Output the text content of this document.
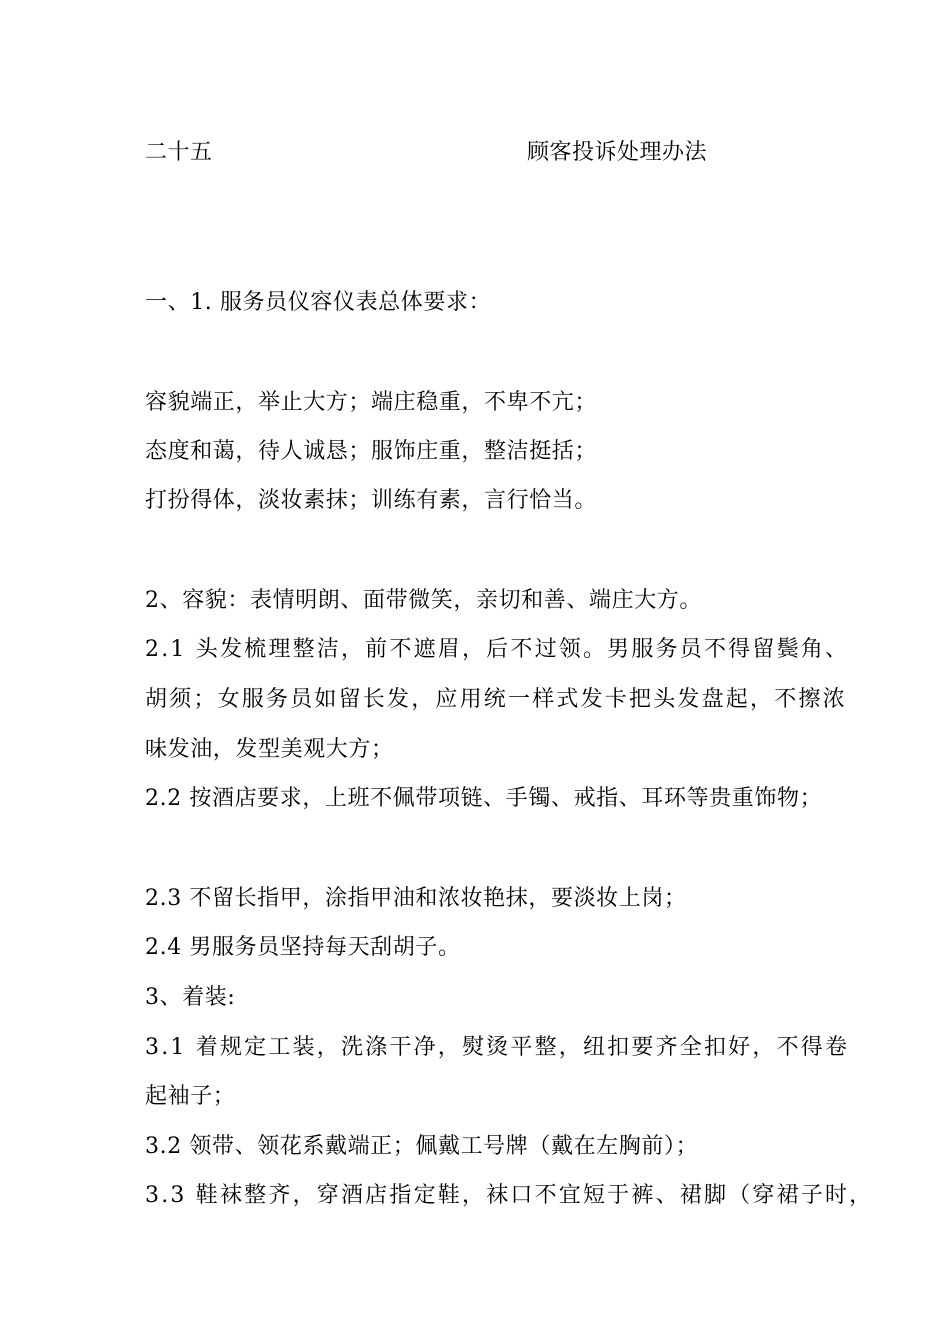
二十五	顾客投诉处理办法
一、1. 服务员仪容仪表总体要求：
容貌端正，举止大方；端庄稳重，不卑不亢；
态度和蔼，待人诚恳；服饰庄重，整洁挺括；
打扮得体，淡妆素抹；训练有素，言行恰当。
2、容貌：表情明朗、面带微笑，亲切和善、端庄大方。
2.1 头发梳理整洁，前不遮眉，后不过领。男服务员不得留鬓角、
胡须；女服务员如留长发，应用统一样式发卡把头发盘起，不擦浓
味发油，发型美观大方；
2.2 按酒店要求，上班不佩带项链、手镯、戒指、耳环等贵重饰物；
2.3 不留长指甲，涂指甲油和浓妆艳抹，要淡妆上岗；
2.4 男服务员坚持每天刮胡子。
3、着装:
3.1 着规定工装，洗涤干净，熨烫平整，纽扣要齐全扣好，不得卷
起袖子；
3.2 领带、领花系戴端正；佩戴工号牌（戴在左胸前）；
3.3 鞋袜整齐，穿酒店指定鞋，袜口不宜短于裤、裙脚（穿裙子时，
